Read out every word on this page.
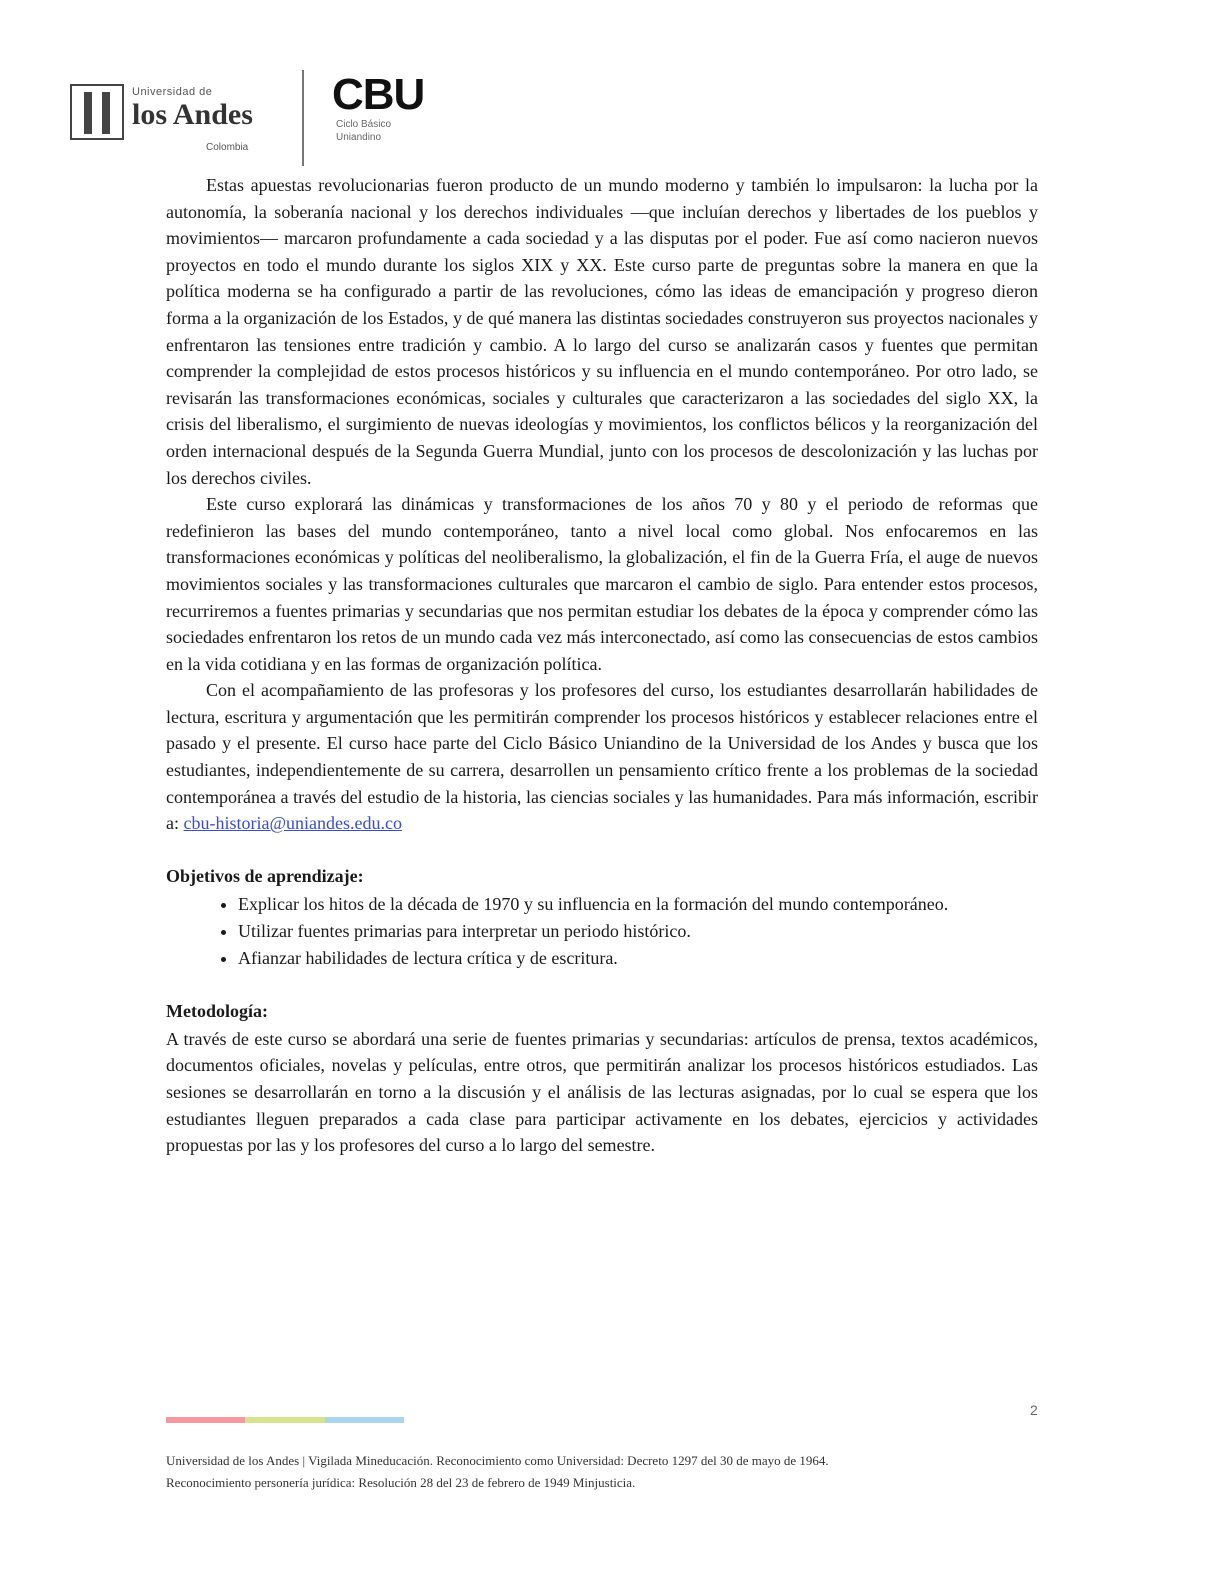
Universidad de
los Andes
Colombia
CBU
Ciclo Básico
Uniandino

Estas apuestas revolucionarias fueron producto de un mundo moderno y también lo impulsaron: la lucha por la autonomía, la soberanía nacional y los derechos individuales —que incluían derechos y libertades de los pueblos y movimientos— marcaron profundamente a cada sociedad y a las disputas por el poder. Fue así como nacieron nuevos proyectos en todo el mundo durante los siglos XIX y XX. Este curso parte de preguntas sobre la manera en que la política moderna se ha configurado a partir de las revoluciones, cómo las ideas de emancipación y progreso dieron forma a la organización de los Estados, y de qué manera las distintas sociedades construyeron sus proyectos nacionales y enfrentaron las tensiones entre tradición y cambio. A lo largo del curso se analizarán casos y fuentes que permitan comprender la complejidad de estos procesos históricos y su influencia en el mundo contemporáneo. Por otro lado, se revisarán las transformaciones económicas, sociales y culturales que caracterizaron a las sociedades del siglo XX, la crisis del liberalismo, el surgimiento de nuevas ideologías y movimientos, los conflictos bélicos y la reorganización del orden internacional después de la Segunda Guerra Mundial, junto con los procesos de descolonización y las luchas por los derechos civiles.

Este curso explorará las dinámicas y transformaciones de los años 70 y 80 y el periodo de reformas que redefinieron las bases del mundo contemporáneo, tanto a nivel local como global. Nos enfocaremos en las transformaciones económicas y políticas del neoliberalismo, la globalización, el fin de la Guerra Fría, el auge de nuevos movimientos sociales y las transformaciones culturales que marcaron el cambio de siglo. Para entender estos procesos, recurriremos a fuentes primarias y secundarias que nos permitan estudiar los debates de la época y comprender cómo las sociedades enfrentaron los retos de un mundo cada vez más interconectado, así como las consecuencias de estos cambios en la vida cotidiana y en las formas de organización política.

Con el acompañamiento de las profesoras y los profesores del curso, los estudiantes desarrollarán habilidades de lectura, escritura y argumentación que les permitirán comprender los procesos históricos y establecer relaciones entre el pasado y el presente. El curso hace parte del Ciclo Básico Uniandino de la Universidad de los Andes y busca que los estudiantes, independientemente de su carrera, desarrollen un pensamiento crítico frente a los problemas de la sociedad contemporánea a través del estudio de la historia, las ciencias sociales y las humanidades. Para más información, escribir a: cbu-historia@uniandes.edu.co

Objetivos de aprendizaje:
• Explicar los hitos de la década de 1970 y su influencia en la formación del mundo contemporáneo.
• Utilizar fuentes primarias para interpretar un periodo histórico.
• Afianzar habilidades de lectura crítica y de escritura.
Metodología:

A través de este curso se abordará una serie de fuentes primarias y secundarias: artículos de prensa, textos académicos, documentos oficiales, novelas y películas, entre otros, que permitirán analizar los procesos históricos estudiados. Las sesiones se desarrollarán en torno a la discusión y el análisis de las lecturas asignadas, por lo cual se espera que los estudiantes lleguen preparados a cada clase para participar activamente en los debates, ejercicios y actividades propuestas por las y los profesores del curso a lo largo del semestre.

2
Universidad de los Andes | Vigilada Mineducación. Reconocimiento como Universidad: Decreto 1297 del 30 de mayo de 1964.
Reconocimiento personería jurídica: Resolución 28 del 23 de febrero de 1949 Minjusticia.
